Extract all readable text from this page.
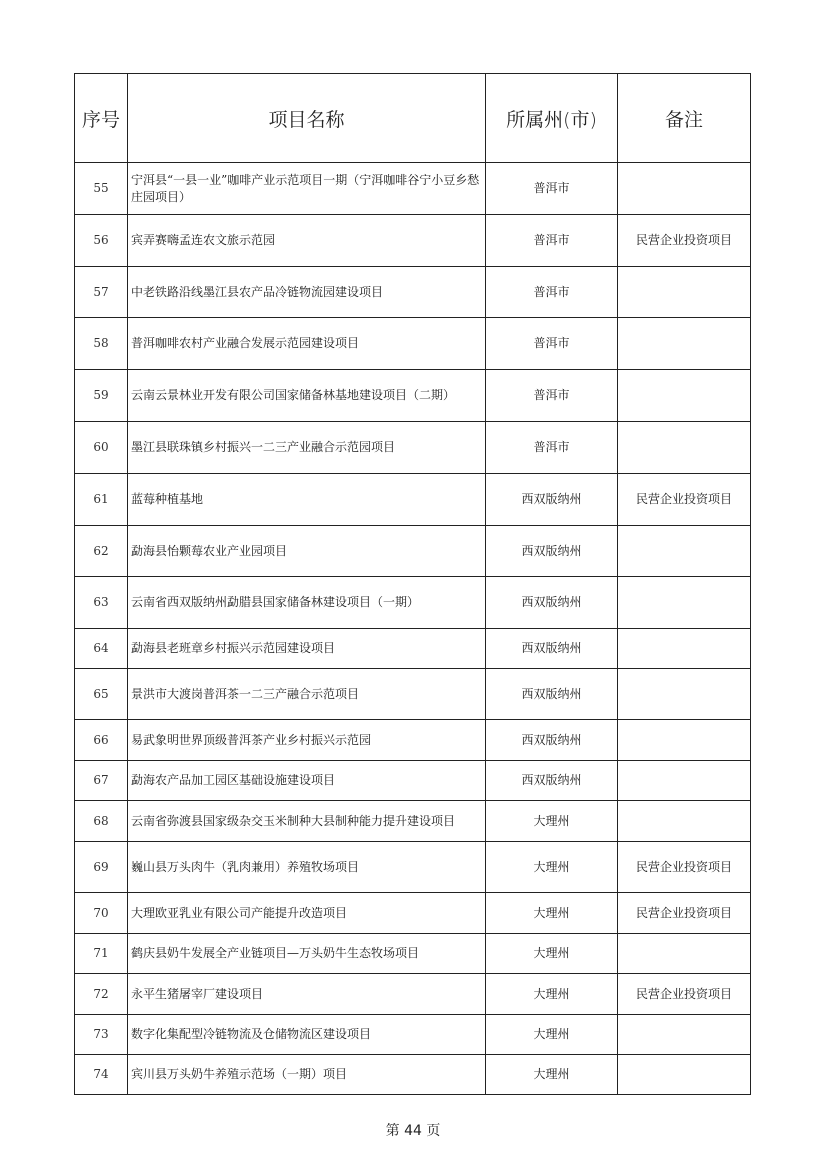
序号	项目名称	所属州(市)	备注
55	宁洱县“一县一业”咖啡产业示范项目一期（宁洱咖啡谷宁小豆乡愁庄园项目）	普洱市	
56	宾弄赛嗨孟连农文旅示范园	普洱市	民营企业投资项目
57	中老铁路沿线墨江县农产品冷链物流园建设项目	普洱市	
58	普洱咖啡农村产业融合发展示范园建设项目	普洱市	
59	云南云景林业开发有限公司国家储备林基地建设项目（二期）	普洱市	
60	墨江县联珠镇乡村振兴一二三产业融合示范园项目	普洱市	
61	蓝莓种植基地	西双版纳州	民营企业投资项目
62	勐海县怡颗莓农业产业园项目	西双版纳州	
63	云南省西双版纳州勐腊县国家储备林建设项目（一期）	西双版纳州	
64	勐海县老班章乡村振兴示范园建设项目	西双版纳州	
65	景洪市大渡岗普洱茶一二三产融合示范项目	西双版纳州	
66	易武象明世界顶级普洱茶产业乡村振兴示范园	西双版纳州	
67	勐海农产品加工园区基础设施建设项目	西双版纳州	
68	云南省弥渡县国家级杂交玉米制种大县制种能力提升建设项目	大理州	
69	巍山县万头肉牛（乳肉兼用）养殖牧场项目	大理州	民营企业投资项目
70	大理欧亚乳业有限公司产能提升改造项目	大理州	民营企业投资项目
71	鹤庆县奶牛发展全产业链项目—万头奶牛生态牧场项目	大理州	
72	永平生猪屠宰厂建设项目	大理州	民营企业投资项目
73	数字化集配型冷链物流及仓储物流区建设项目	大理州	
74	宾川县万头奶牛养殖示范场（一期）项目	大理州	
第 44 页
